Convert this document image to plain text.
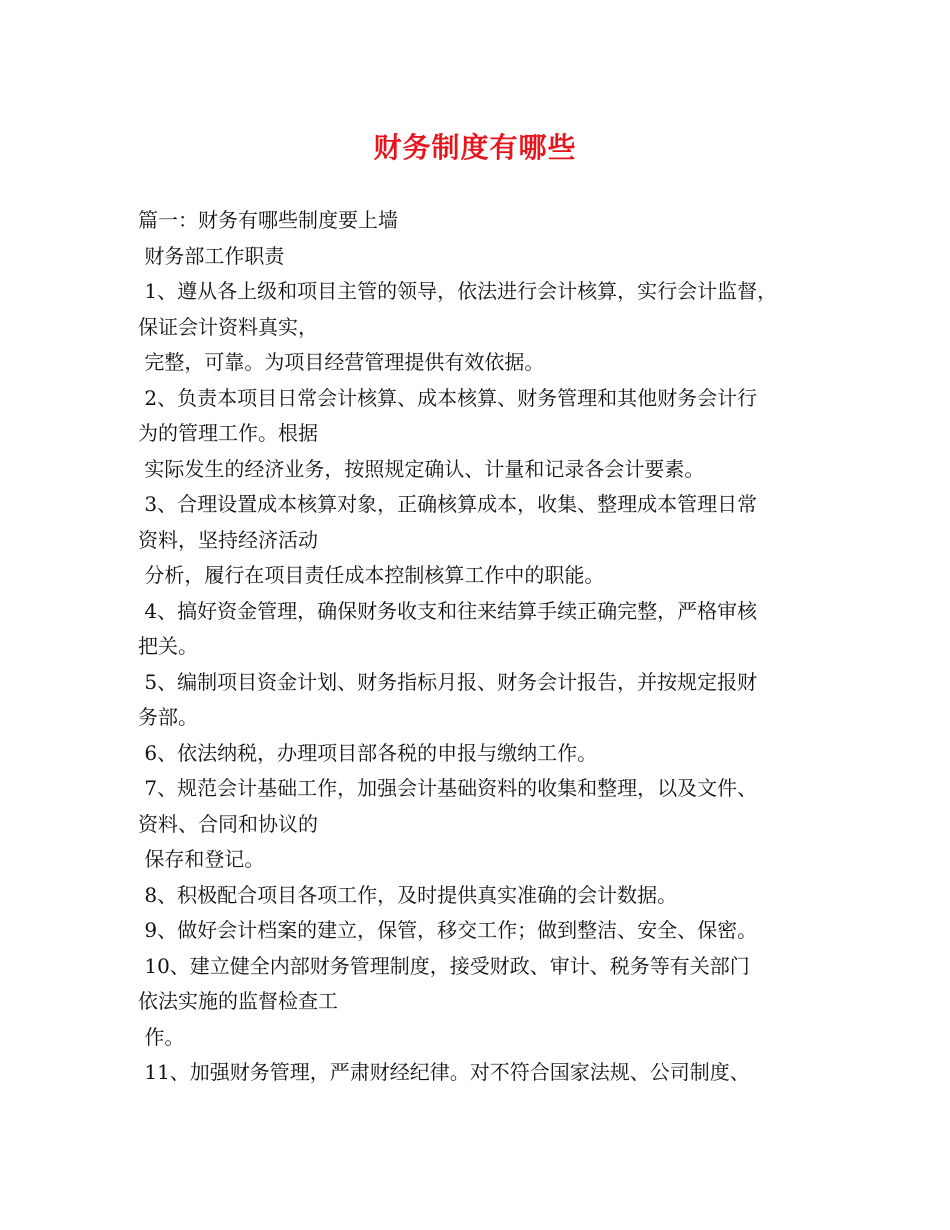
财务制度有哪些
篇一：财务有哪些制度要上墙
财务部工作职责
1、遵从各上级和项目主管的领导，依法进行会计核算，实行会计监督，
保证会计资料真实，
完整，可靠。为项目经营管理提供有效依据。
2、负责本项目日常会计核算、成本核算、财务管理和其他财务会计行
为的管理工作。根据
实际发生的经济业务，按照规定确认、计量和记录各会计要素。
3、合理设置成本核算对象，正确核算成本，收集、整理成本管理日常
资料，坚持经济活动
分析，履行在项目责任成本控制核算工作中的职能。
4、搞好资金管理，确保财务收支和往来结算手续正确完整，严格审核
把关。
5、编制项目资金计划、财务指标月报、财务会计报告，并按规定报财
务部。
6、依法纳税，办理项目部各税的申报与缴纳工作。
7、规范会计基础工作，加强会计基础资料的收集和整理，以及文件、
资料、合同和协议的
保存和登记。
8、积极配合项目各项工作，及时提供真实准确的会计数据。
9、做好会计档案的建立，保管，移交工作；做到整洁、安全、保密。
10、建立健全内部财务管理制度，接受财政、审计、税务等有关部门
依法实施的监督检查工
作。
11、加强财务管理，严肃财经纪律。对不符合国家法规、公司制度、
